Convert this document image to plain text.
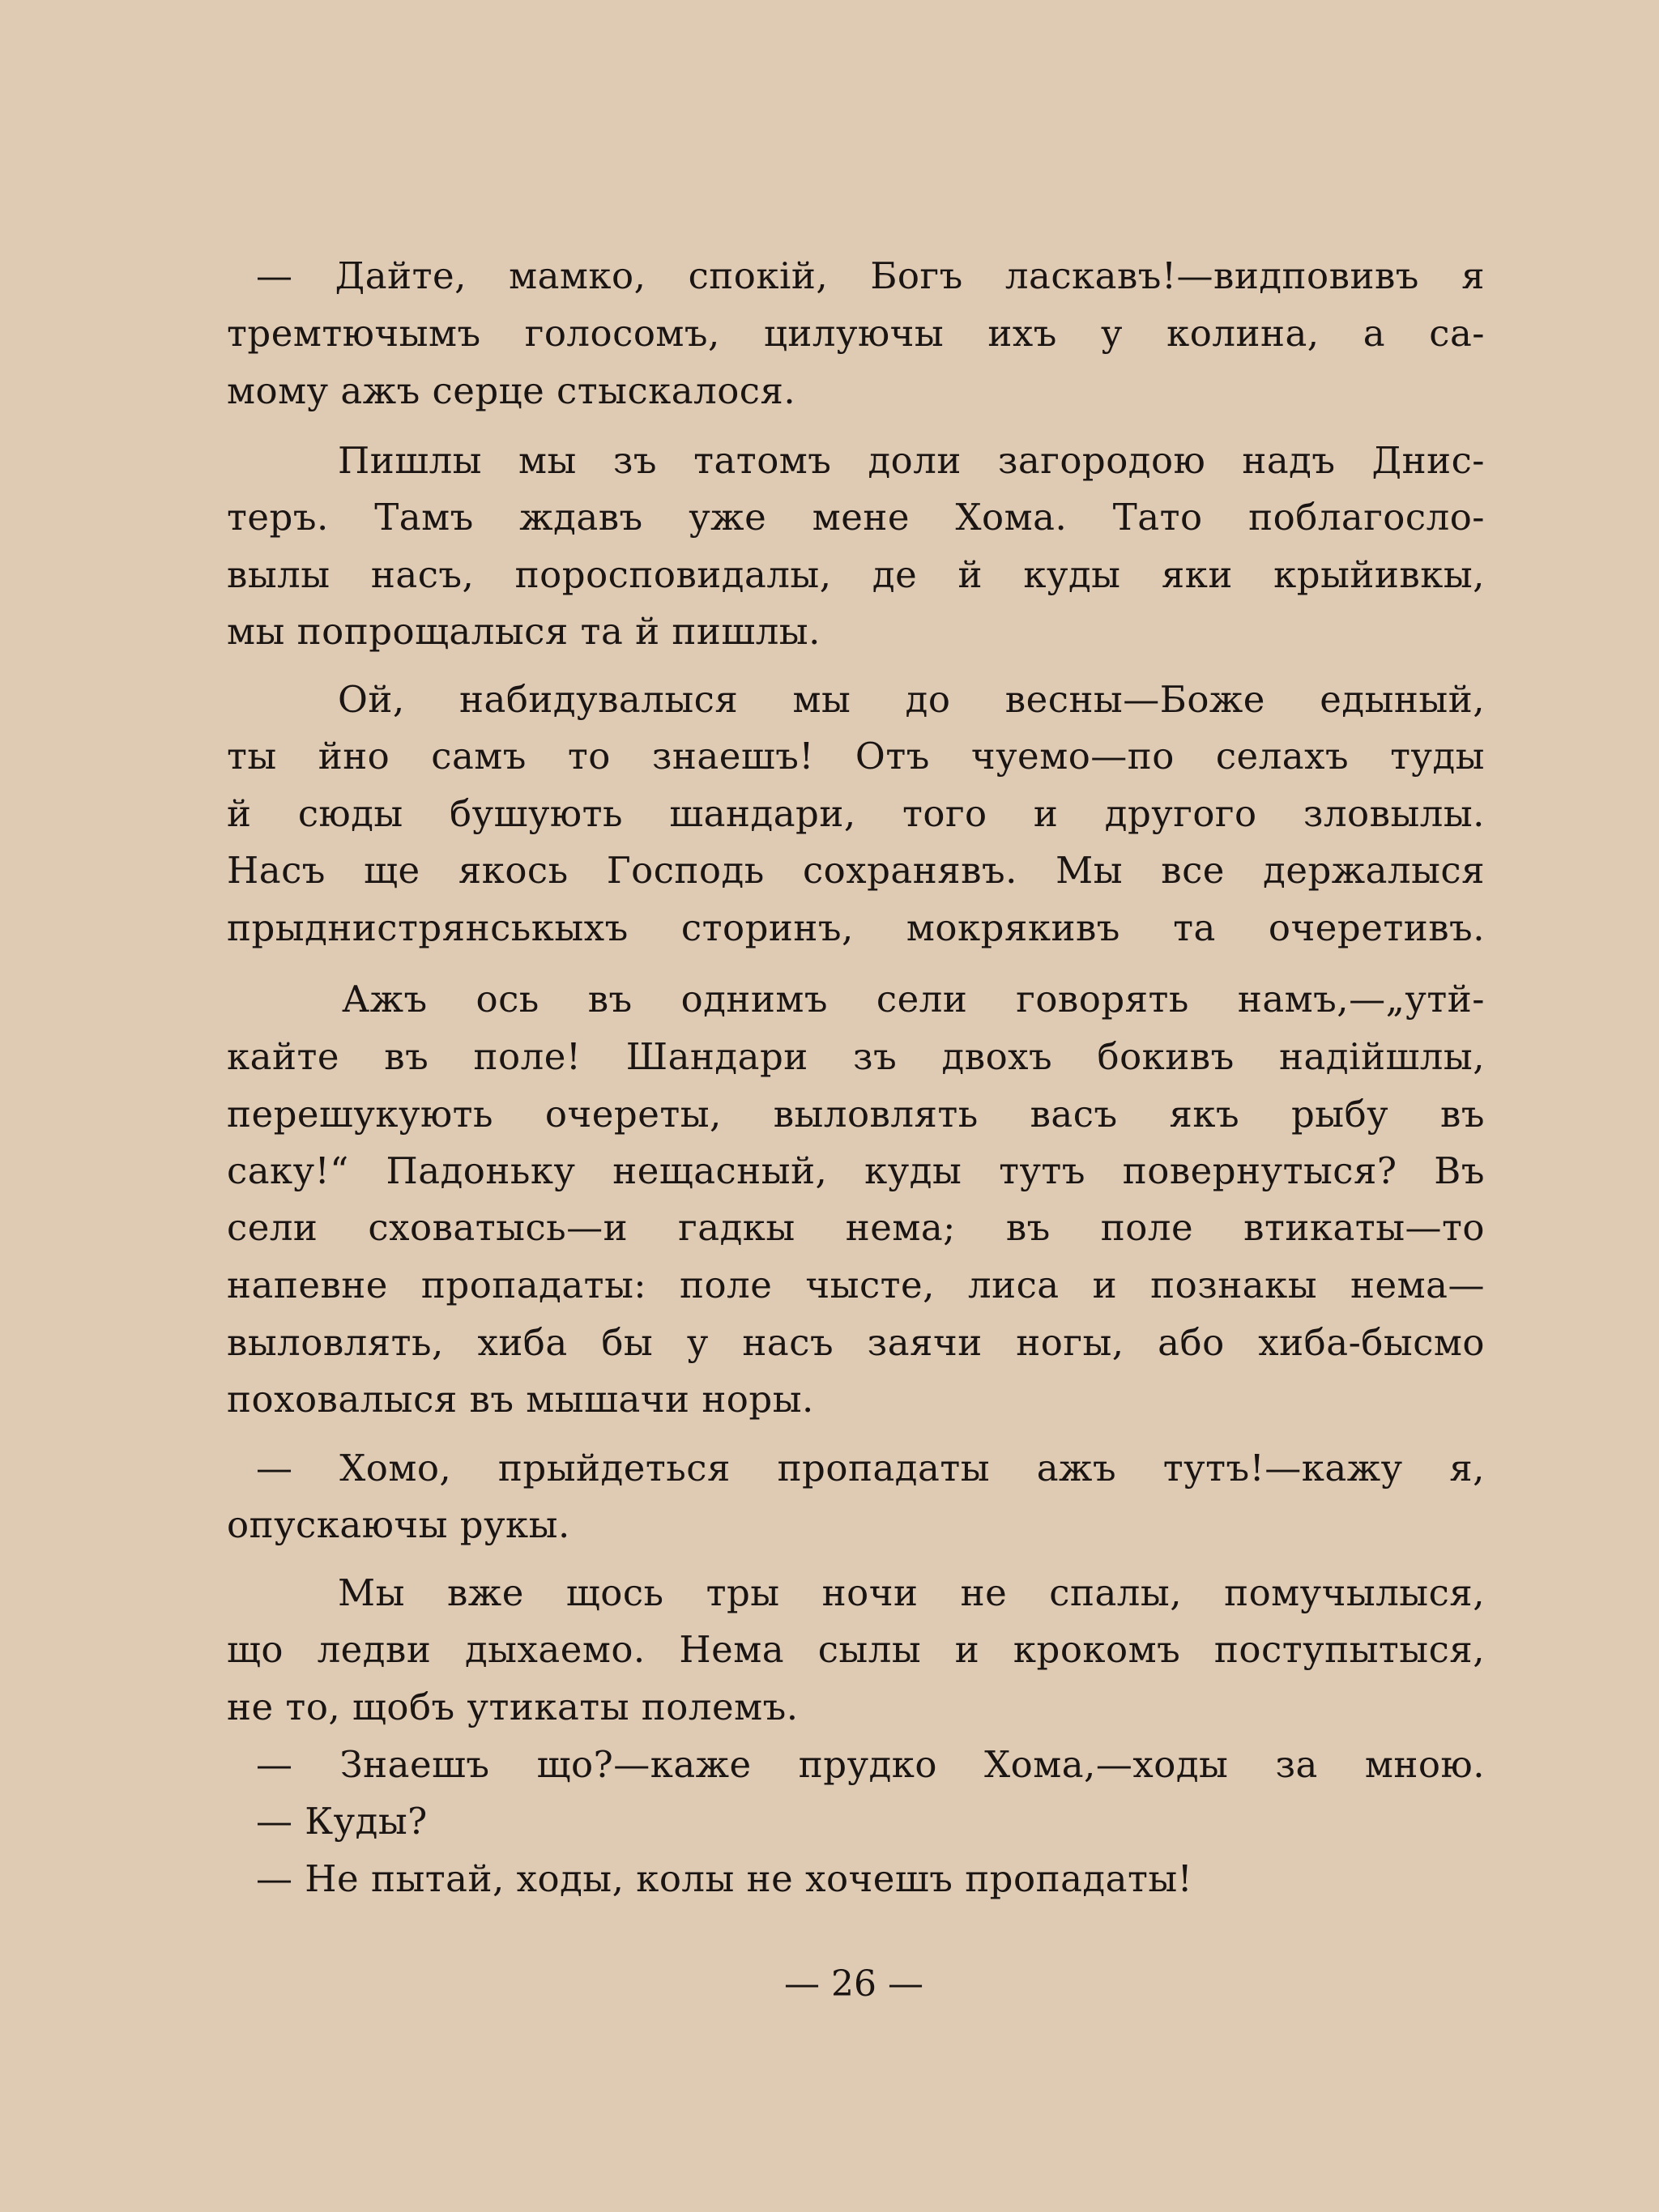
— Дайте, мамко, спокій, Богъ ласкавъ!—видповивъ я
тремтючымъ голосомъ, цилуючы ихъ у колина, а са-
мому ажъ серце стыскалося.
Пишлы мы зъ татомъ доли загородою надъ Днис-
теръ. Тамъ ждавъ уже мене Хома. Тато поблагосло-
вылы насъ, поросповидалы, де й куды яки крыйивкы,
мы попрощалыся та й пишлы.
Ой, набидувалыся мы до весны—Боже едыный,
ты йно самъ то знаешъ! Отъ чуемо—по селахъ туды
й сюды бушують шандари, того и другого зловылы.
Насъ ще якось Господь сохранявъ. Мы все держалыся
прыднистрянськыхъ сторинъ, мокрякивъ та очеретивъ.
Ажъ ось въ однимъ сели говорять намъ,—„утй-
кайте въ поле! Шандари зъ двохъ бокивъ надійшлы,
перешукують очереты, выловлять васъ якъ рыбу въ
саку!“ Падоньку нещасный, куды тутъ повернутыся? Въ
сели сховатысь—и гадкы нема; въ поле втикаты—то
напевне пропадаты: поле чысте, лиса и познакы нема—
выловлять, хиба бы у насъ заячи ногы, або хиба-бысмо
поховалыся въ мышачи норы.
— Хомо, прыйдеться пропадаты ажъ тутъ!—кажу я,
опускаючы рукы.
Мы вже щось тры ночи не спалы, помучылыся,
що ледви дыхаемо. Нема сылы и крокомъ поступытыся,
не то, щобъ утикаты полемъ.
— Знаешъ що?—каже прудко Хома,—ходы за мною.
— Куды?
— Не пытай, ходы, колы не хочешъ пропадаты!
— 26 —
